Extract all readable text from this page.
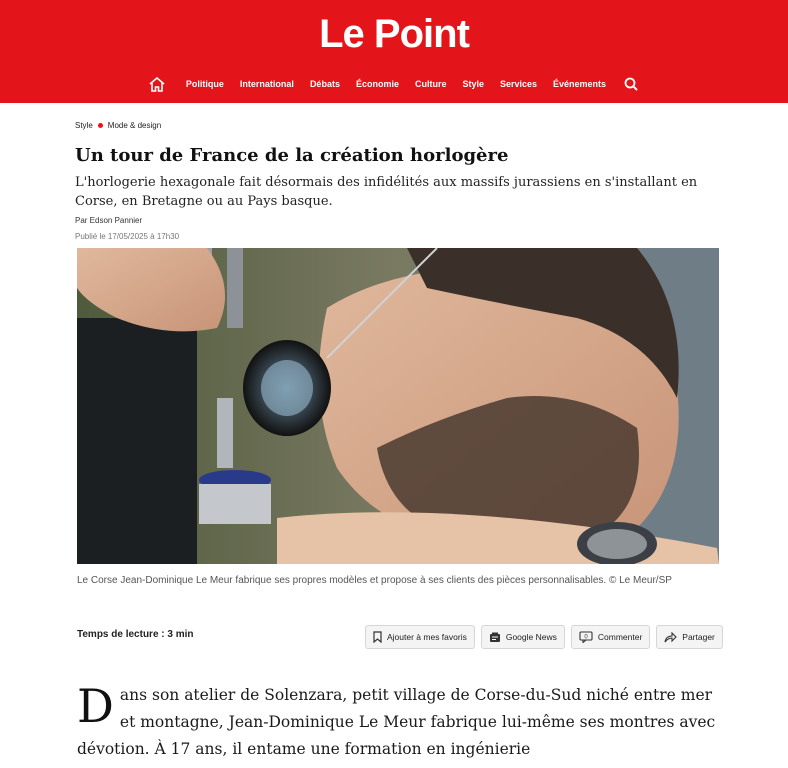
Le Point
Politique	International	Débats	Économie	Culture	Style	Services	Événements
Style Mode & design
Un tour de France de la création horlogère

L'horlogerie hexagonale fait désormais des infidélités aux massifs jurassiens en s'installant en Corse, en Bretagne ou au Pays basque.

Par Edson Pannier
Publié le 17/05/2025 à 17h30

Le Corse Jean-Dominique Le Meur fabrique ses propres modèles et propose à ses clients des pièces personnalisables. © Le Meur/SP

Temps de lecture : 3 min	Ajouter à mes favoris	Google News	0 Commenter	Partager
D ans son atelier de Solenzara, petit village de Corse-du-Sud niché entre mer et montagne, Jean-Dominique Le Meur fabrique lui-même ses montres avec dévotion. À 17 ans, il entame une formation en ingénierie
